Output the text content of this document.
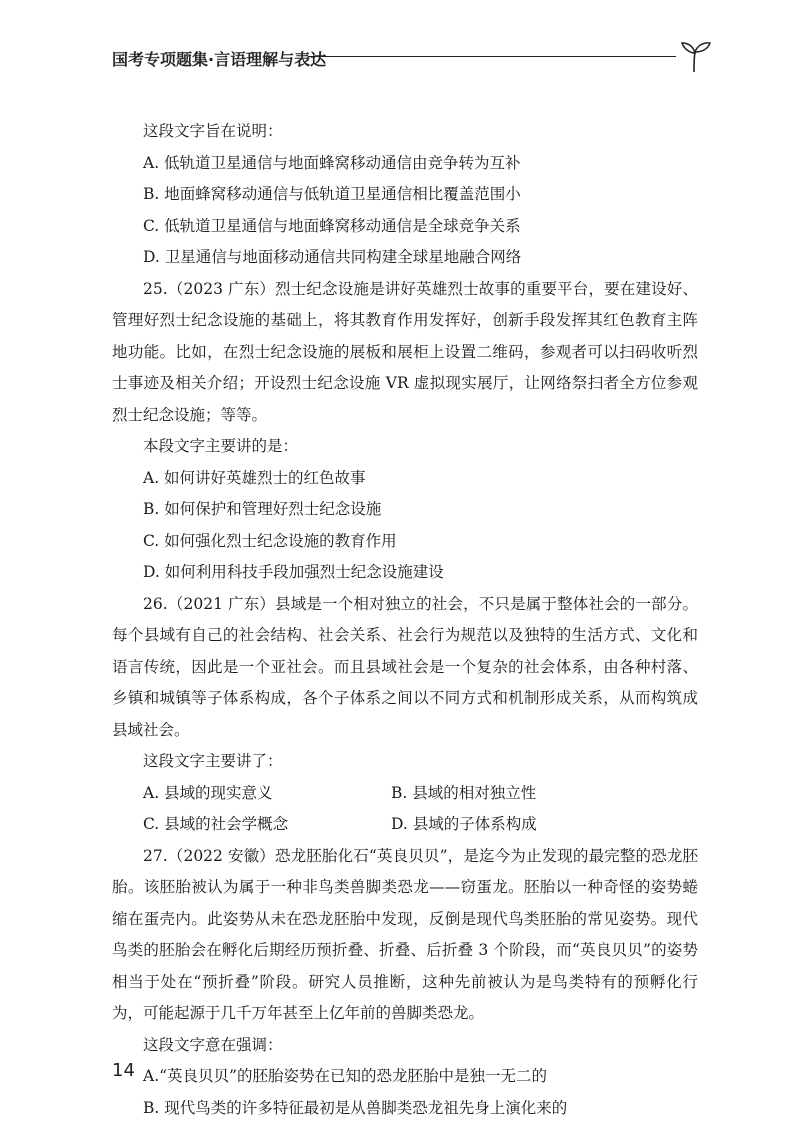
国考专项题集·言语理解与表达

这段文字旨在说明：

A. 低轨道卫星通信与地面蜂窝移动通信由竞争转为互补

B. 地面蜂窝移动通信与低轨道卫星通信相比覆盖范围小

C. 低轨道卫星通信与地面蜂窝移动通信是全球竞争关系

D. 卫星通信与地面移动通信共同构建全球星地融合网络

25.（2023 广东）烈士纪念设施是讲好英雄烈士故事的重要平台，要在建设好、管理好烈士纪念设施的基础上，将其教育作用发挥好，创新手段发挥其红色教育主阵地功能。比如，在烈士纪念设施的展板和展柜上设置二维码，参观者可以扫码收听烈士事迹及相关介绍；开设烈士纪念设施 VR 虚拟现实展厅，让网络祭扫者全方位参观烈士纪念设施；等等。

本段文字主要讲的是：

A. 如何讲好英雄烈士的红色故事

B. 如何保护和管理好烈士纪念设施

C. 如何强化烈士纪念设施的教育作用

D. 如何利用科技手段加强烈士纪念设施建设

26.（2021 广东）县域是一个相对独立的社会，不只是属于整体社会的一部分。每个县域有自己的社会结构、社会关系、社会行为规范以及独特的生活方式、文化和语言传统，因此是一个亚社会。而且县域社会是一个复杂的社会体系，由各种村落、乡镇和城镇等子体系构成，各个子体系之间以不同方式和机制形成关系，从而构筑成县域社会。

这段文字主要讲了：

A. 县域的现实意义	B. 县域的相对独立性
C. 县域的社会学概念	D. 县域的子体系构成

27.（2022 安徽）恐龙胚胎化石“英良贝贝”，是迄今为止发现的最完整的恐龙胚胎。该胚胎被认为属于一种非鸟类兽脚类恐龙——窃蛋龙。胚胎以一种奇怪的姿势蜷缩在蛋壳内。此姿势从未在恐龙胚胎中发现，反倒是现代鸟类胚胎的常见姿势。现代鸟类的胚胎会在孵化后期经历预折叠、折叠、后折叠 3 个阶段，而“英良贝贝”的姿势相当于处在“预折叠”阶段。研究人员推断，这种先前被认为是鸟类特有的预孵化行为，可能起源于几千万年甚至上亿年前的兽脚类恐龙。

这段文字意在强调：

A.“英良贝贝”的胚胎姿势在已知的恐龙胚胎中是独一无二的

B. 现代鸟类的许多特征最初是从兽脚类恐龙祖先身上演化来的

14
